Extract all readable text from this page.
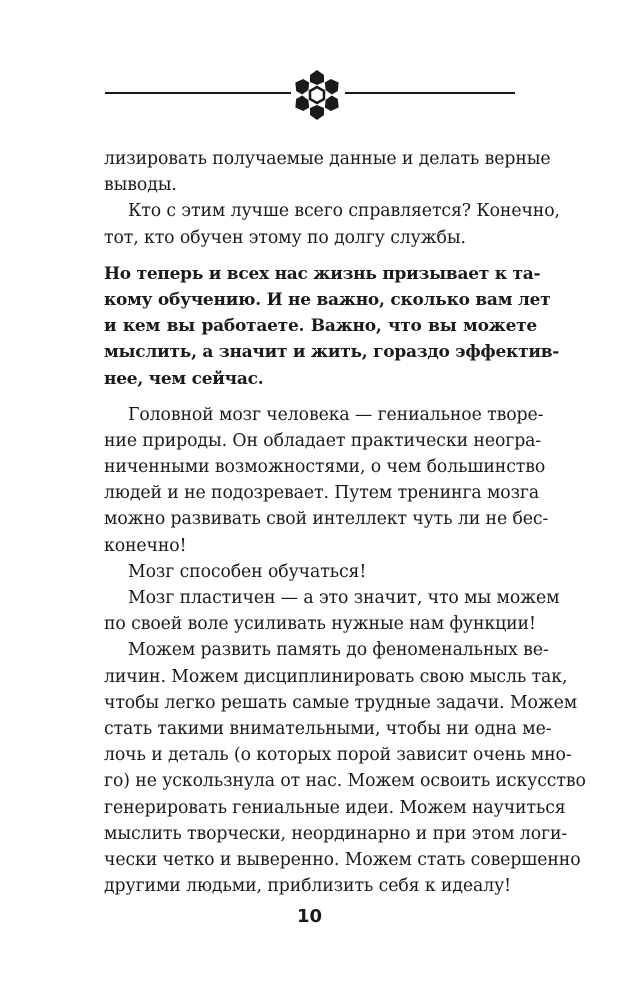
лизировать получаемые данные и делать верные
выводы.
Кто с этим лучше всего справляется? Конечно,
тот, кто обучен этому по долгу службы.
Но теперь и всех нас жизнь призывает к та-
кому обучению. И не важно, сколько вам лет
и кем вы работаете. Важно, что вы можете
мыслить, а значит и жить, гораздо эффектив-
нее, чем сейчас.
Головной мозг человека — гениальное творе-
ние природы. Он обладает практически неогра-
ниченными возможностями, о чем большинство
людей и не подозревает. Путем тренинга мозга
можно развивать свой интеллект чуть ли не бес-
конечно!
Мозг способен обучаться!
Мозг пластичен — а это значит, что мы можем
по своей воле усиливать нужные нам функции!
Можем развить память до феноменальных ве-
личин. Можем дисциплинировать свою мысль так,
чтобы легко решать самые трудные задачи. Можем
стать такими внимательными, чтобы ни одна ме-
лочь и деталь (о которых порой зависит очень мно-
го) не ускользнула от нас. Можем освоить искусство
генерировать гениальные идеи. Можем научиться
мыслить творчески, неординарно и при этом логи-
чески четко и выверенно. Можем стать совершенно
другими людьми, приблизить себя к идеалу!
10
